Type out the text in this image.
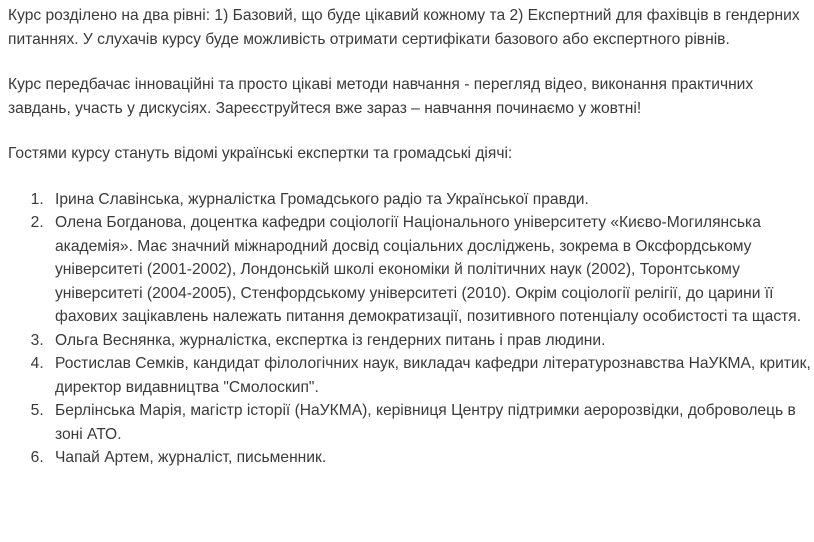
Курс розділено на два рівні: 1) Базовий, що буде цікавий кожному та 2) Експертний для фахівців в гендерних питаннях. У слухачів курсу буде можливість отримати сертифікати базового або експертного рівнів.

Курс передбачає інноваційні та просто цікаві методи навчання - перегляд відео, виконання практичних завдань, участь у дискусіях. Зареєструйтеся вже зараз – навчання починаємо у жовтні!

Гостями курсу стануть відомі українські експертки та громадські діячі:

1. Ірина Славінська, журналістка Громадського радіо та Української правди.
2. Олена Богданова, доцентка кафедри соціології Національного університету «Києво-Могилянська академія». Має значний міжнародний досвід соціальних досліджень, зокрема в Оксфордському університеті (2001-2002), Лондонській школі економіки й політичних наук (2002), Торонтському університеті (2004-2005), Стенфордському університеті (2010). Окрім соціології релігії, до царини її фахових зацікавлень належать питання демократизації, позитивного потенціалу особистості та щастя.
3. Ольга Веснянка, журналістка, експертка із гендерних питань і прав людини.
4. Ростислав Семків, кандидат філологічних наук, викладач кафедри літературознавства НаУКМА, критик, директор видавництва "Смолоскип".
5. Берлінська Марія, магістр історії (НаУКМА), керівниця Центру підтримки аеророзвідки, доброволець в зоні АТО.
6. Чапай Артем, журналіст, письменник.
